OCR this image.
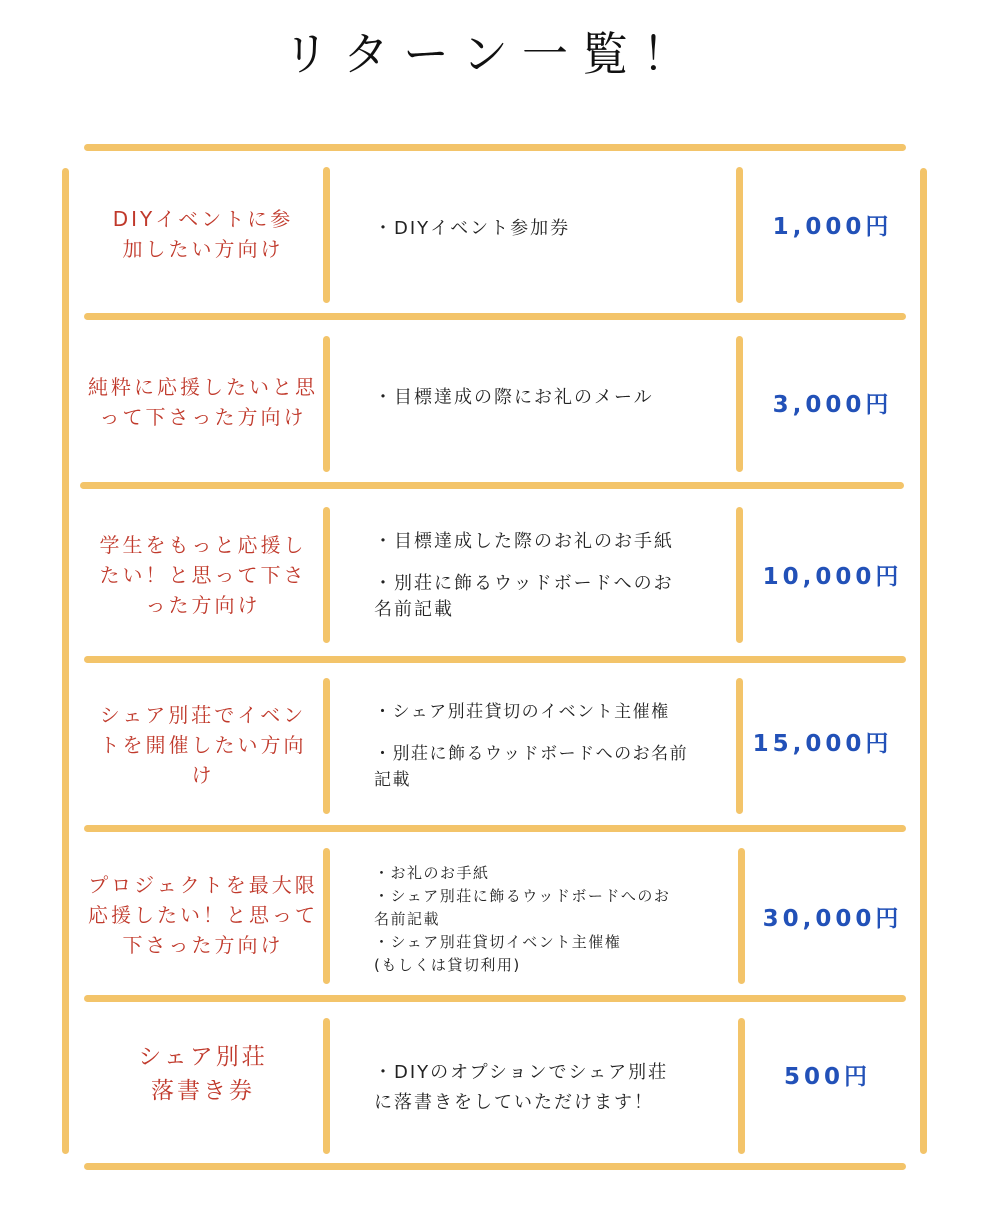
リターン一覧！
DIYイベントに参
加したい方向け
・DIYイベント参加券	1,000円
純粋に応援したいと思
って下さった方向け
・目標達成の際にお礼のメール	3,000円
学生をもっと応援し
たい！と思って下さ
った方向け
・目標達成した際のお礼のお手紙
・別荘に飾るウッドボードへのお
名前記載
10,000円
シェア別荘でイベン
トを開催したい方向
け
・シェア別荘貸切のイベント主催権
・別荘に飾るウッドボードへのお名前
記載
15,000円
プロジェクトを最大限
応援したい！と思って
下さった方向け
・お礼のお手紙
・シェア別荘に飾るウッドボードへのお
名前記載
・シェア別荘貸切イベント主催権
(もしくは貸切利用)
30,000円
シェア別荘
落書き券
・DIYのオプションでシェア別荘
に落書きをしていただけます！
500円
